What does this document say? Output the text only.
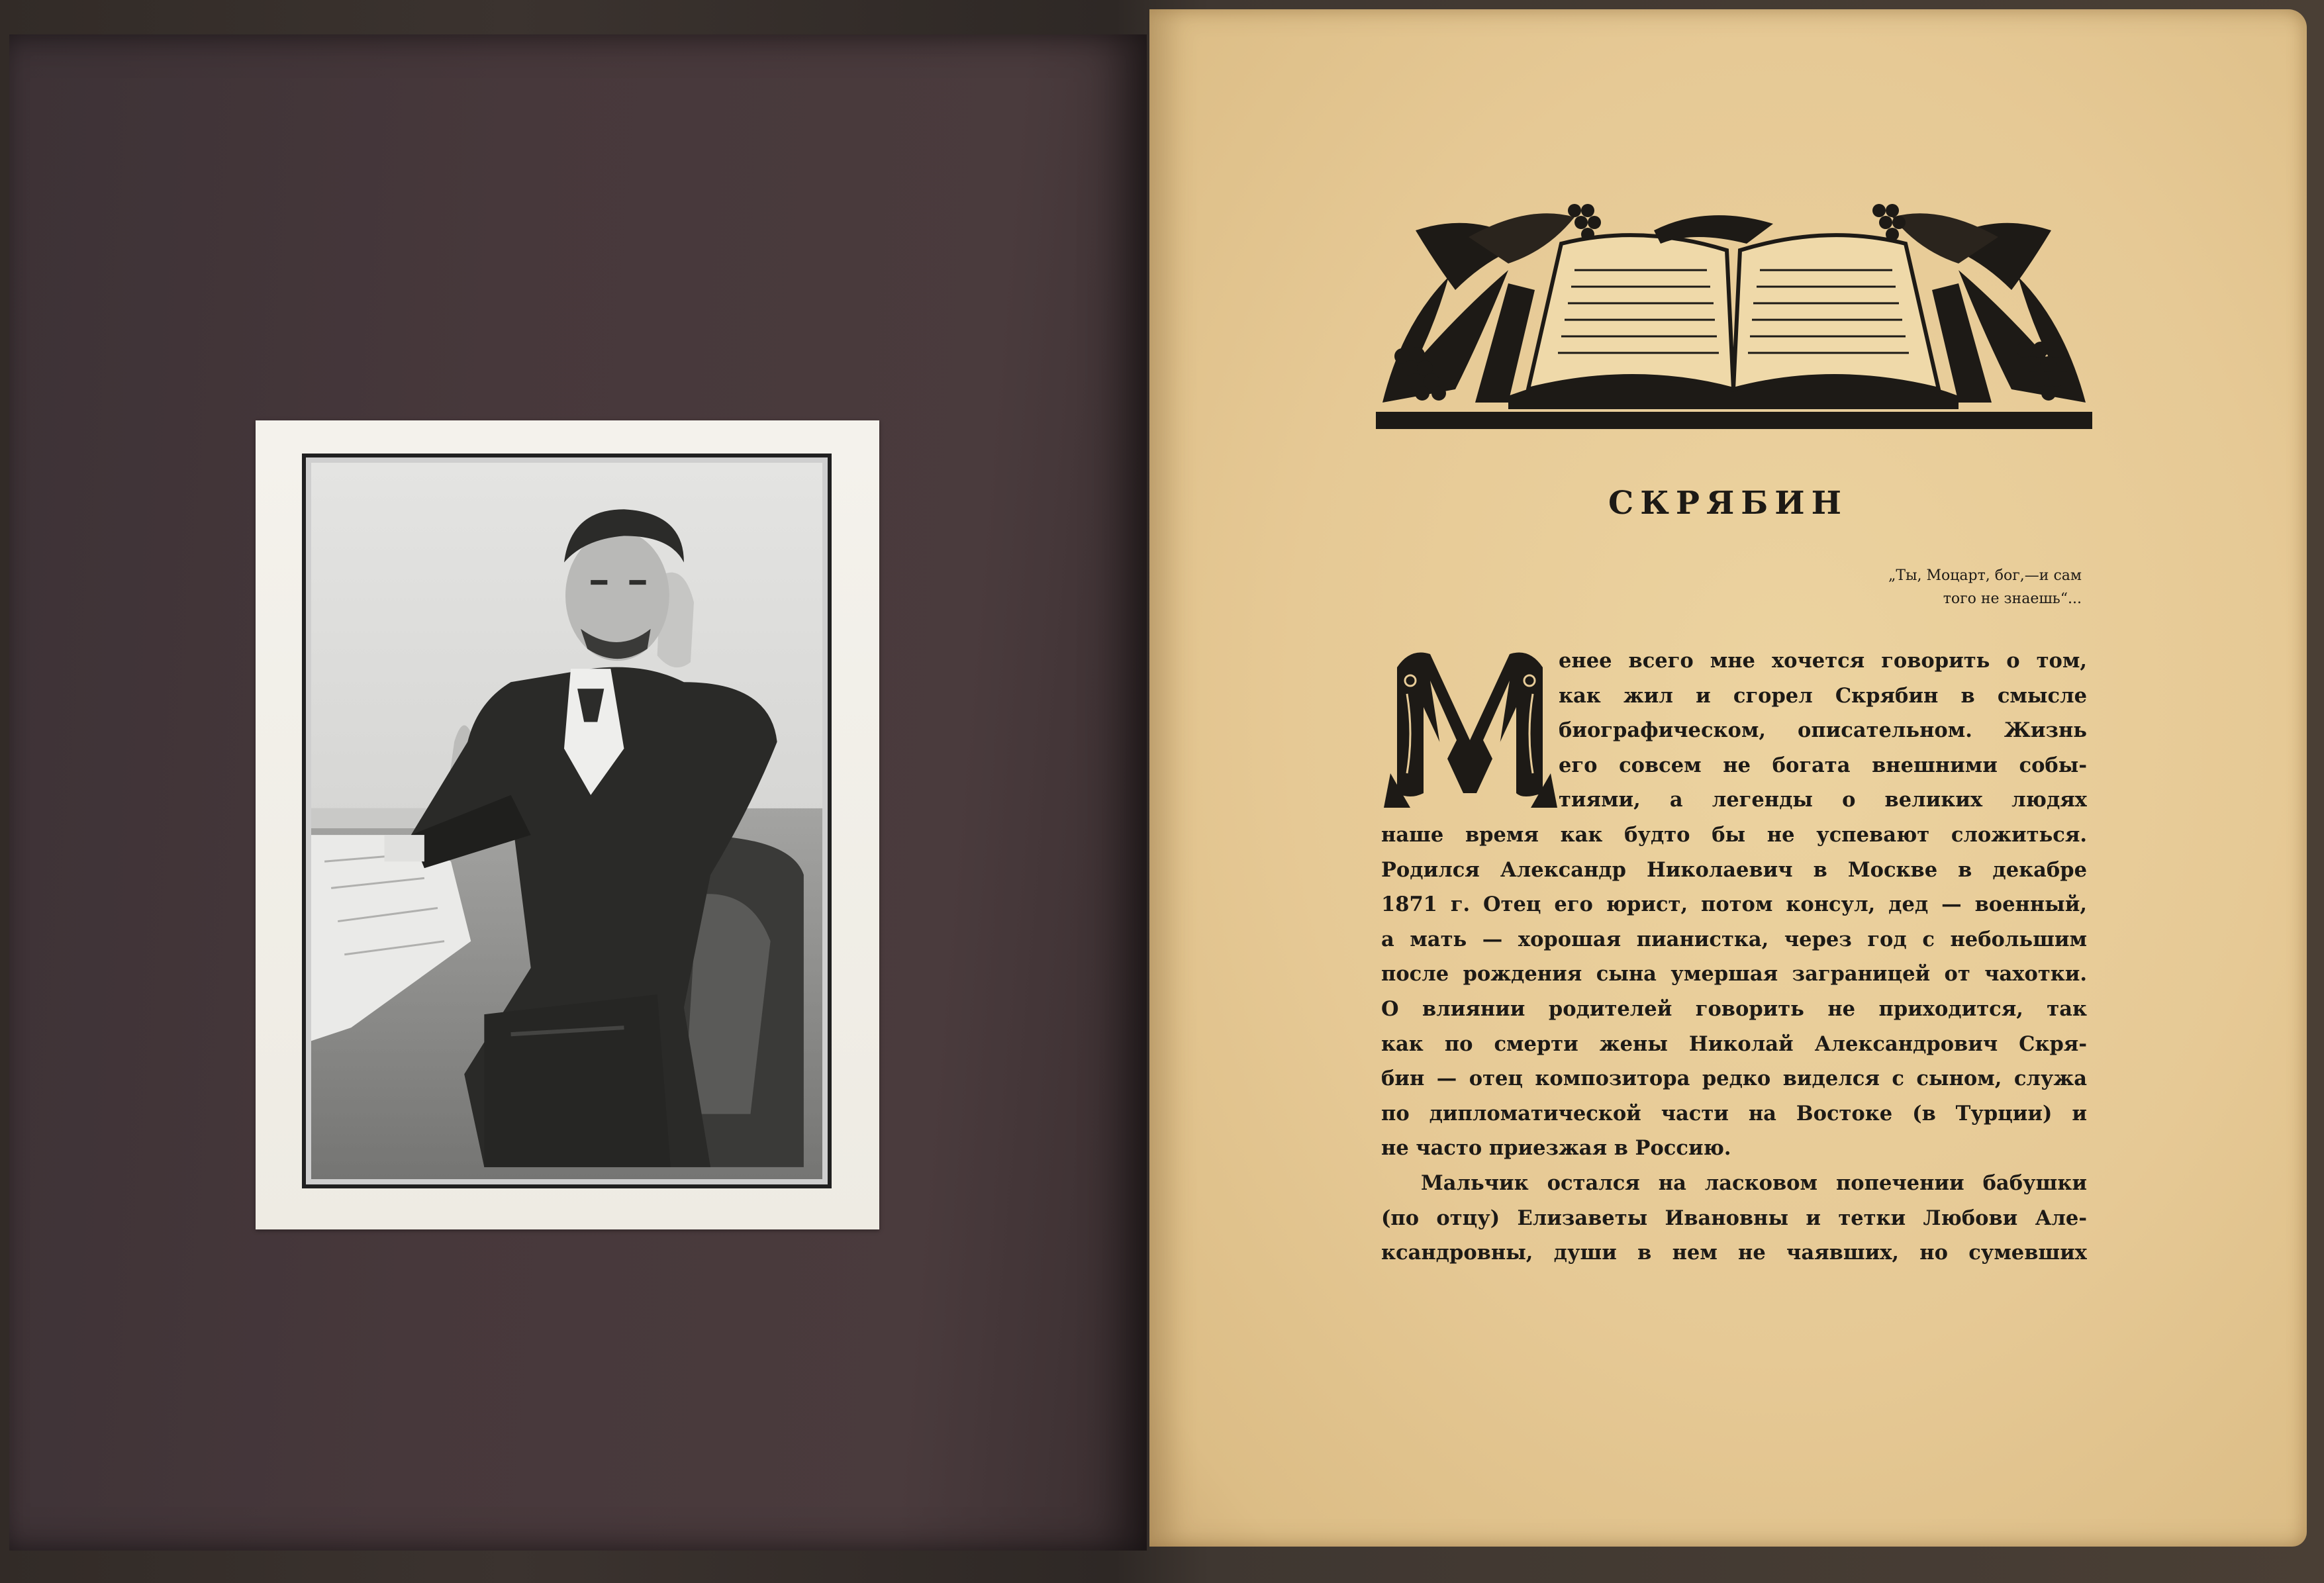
СКРЯБИН
„Ты, Моцарт, бог,—и сам
того не знаешь“...
енее всего мне хочется говорить о том,
как жил и сгорел Скрябин в смысле
биографическом, описательном. Жизнь
его совсем не богата внешними собы-
тиями, а легенды о великих людях
наше время как будто бы не успевают сложиться.
Родился Александр Николаевич в Москве в декабре
1871 г. Отец его юрист, потом консул, дед — военный,
а мать — хорошая пианистка, через год с небольшим
после рождения сына умершая заграницей от чахотки.
О влиянии родителей говорить не приходится, так
как по смерти жены Николай Александрович Скря-
бин — отец композитора редко виделся с сыном, служа
по дипломатической части на Востоке (в Турции) и
не часто приезжая в Россию.
Мальчик остался на ласковом попечении бабушки
(по отцу) Елизаветы Ивановны и тетки Любови Але-
ксандровны, души в нем не чаявших, но сумевших
